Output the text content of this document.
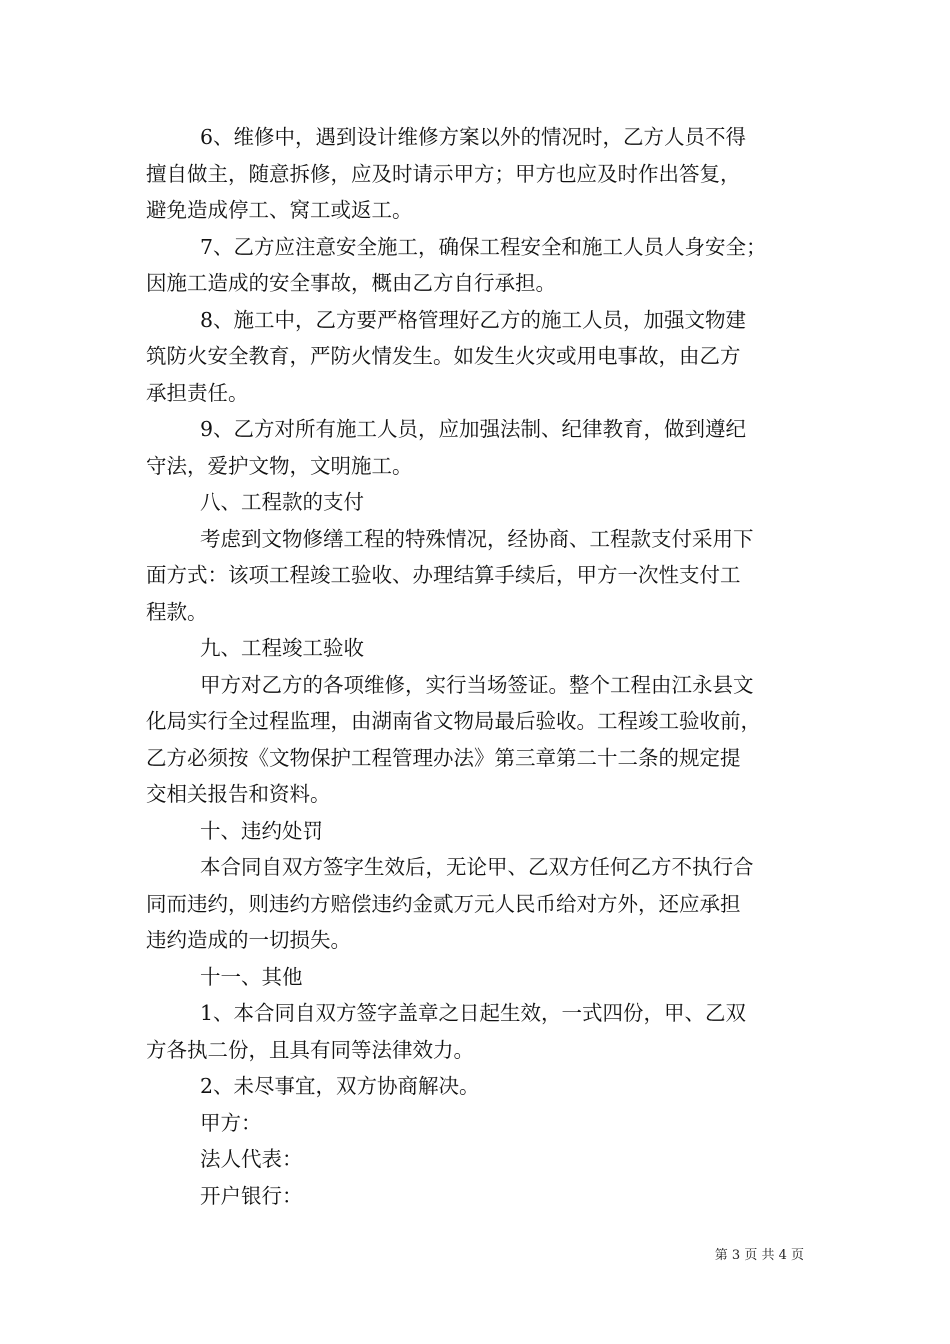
6、维修中，遇到设计维修方案以外的情况时，乙方人员不得
擅自做主，随意拆修，应及时请示甲方；甲方也应及时作出答复，
避免造成停工、窝工或返工。
7、乙方应注意安全施工，确保工程安全和施工人员人身安全；
因施工造成的安全事故，概由乙方自行承担。
8、施工中，乙方要严格管理好乙方的施工人员，加强文物建
筑防火安全教育，严防火情发生。如发生火灾或用电事故，由乙方
承担责任。
9、乙方对所有施工人员，应加强法制、纪律教育，做到遵纪
守法，爱护文物，文明施工。
八、工程款的支付
考虑到文物修缮工程的特殊情况，经协商、工程款支付采用下
面方式：该项工程竣工验收、办理结算手续后，甲方一次性支付工
程款。
九、工程竣工验收
甲方对乙方的各项维修，实行当场签证。整个工程由江永县文
化局实行全过程监理，由湖南省文物局最后验收。工程竣工验收前，
乙方必须按《文物保护工程管理办法》第三章第二十二条的规定提
交相关报告和资料。
十、违约处罚
本合同自双方签字生效后，无论甲、乙双方任何乙方不执行合
同而违约，则违约方赔偿违约金贰万元人民币给对方外，还应承担
违约造成的一切损失。
十一、其他
1、本合同自双方签字盖章之日起生效，一式四份，甲、乙双
方各执二份，且具有同等法律效力。
2、未尽事宜，双方协商解决。
甲方：
法人代表：
开户银行：
第 3 页 共 4 页
